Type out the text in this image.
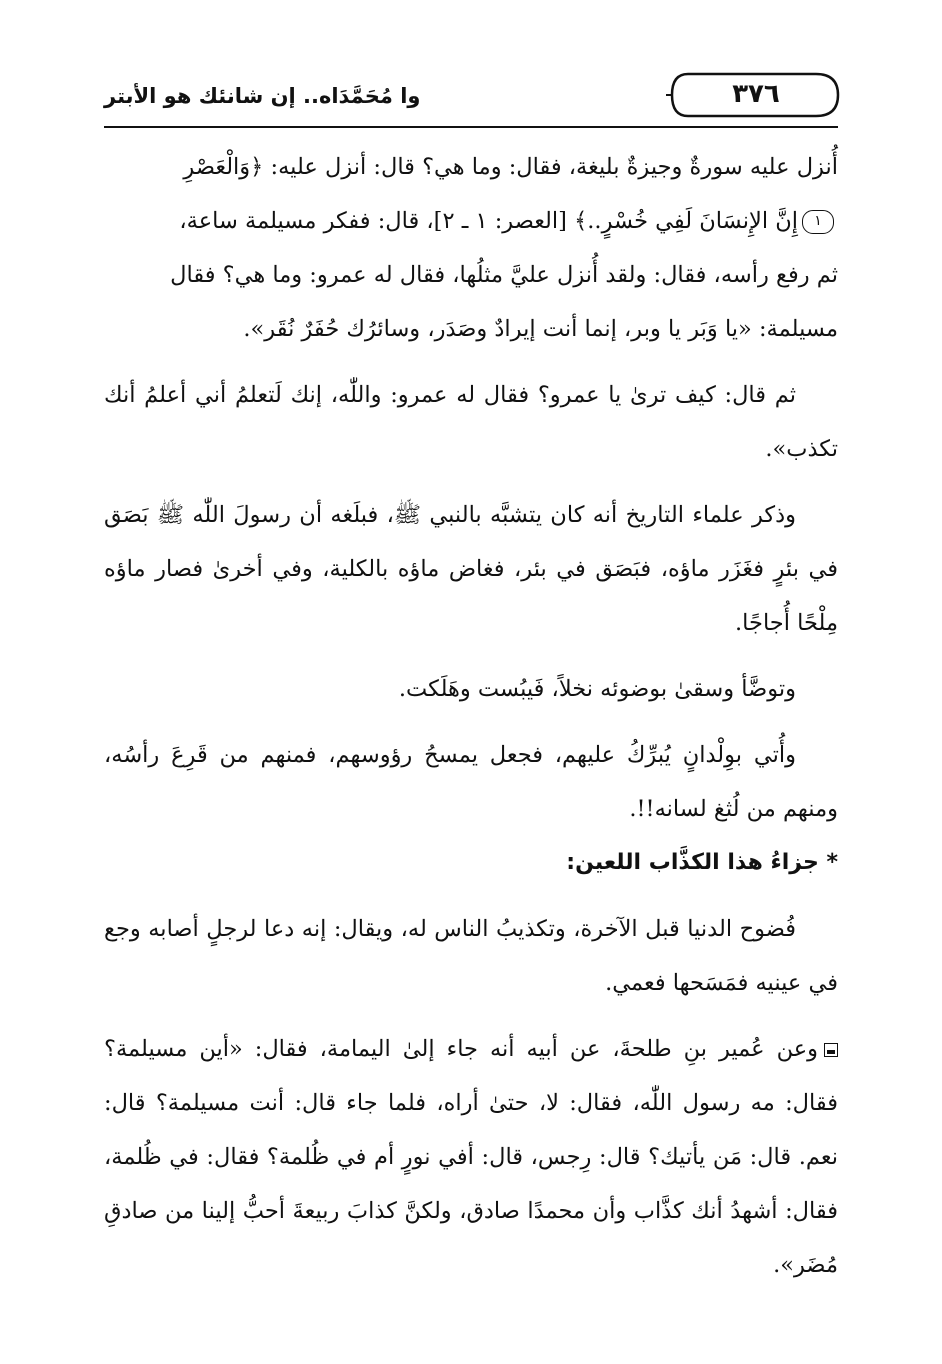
٣٧٦
وا مُحَمَّدَاه.. إن شانئك هو الأبتر

أُنزل عليه سورةٌ وجيزةٌ بليغة، فقال: وما هي؟ قال: أنزل عليه: ﴿وَالْعَصْرِ
١إِنَّ الإِنسَانَ لَفِي خُسْرٍ..﴾ [العصر: ١ ـ ٢]، قال: ففكر مسيلمة ساعة،
ثم رفع رأسه، فقال: ولقد أُنزل عليَّ مثلُها، فقال له عمرو: وما هي؟ فقال
مسيلمة: «يا وَبَر يا وبر، إنما أنت إيرادٌ وصَدَر، وسائرُك حُفَرٌ نُقَر».

ثم قال: كيف ترىٰ يا عمرو؟ فقال له عمرو: واللّٰه، إنك لَتعلمُ أني أعلمُ أنك تكذب».

وذكر علماء التاريخ أنه كان يتشبَّه بالنبي ﷺ، فبلَغه أن رسولَ اللّٰه ﷺ بَصَق في بئرٍ فغَزَر ماؤه، فبَصَق في بئر، فغاض ماؤه بالكلية، وفي أخرىٰ فصار ماؤه مِلْحًا أُجاجًا.

وتوضَّأ وسقىٰ بوضوئه نخلاً، فَيبُست وهَلَكت.

وأُتي بوِلْدانٍ يُبرِّكُ عليهم، فجعل يمسحُ رؤوسهم، فمنهم من قَرِعَ رأسُه، ومنهم من لُثغ لسانه!!.

* جزاءُ هذا الكذَّاب اللعين:

فُضوح الدنيا قبل الآخرة، وتكذيبُ الناس له، ويقال: إنه دعا لرجلٍ أصابه وجع في عينيه فمَسَحها فعمي.

وعن عُمير بنِ طلحةَ، عن أبيه أنه جاء إلىٰ اليمامة، فقال: «أين مسيلمة؟ فقال: مه رسول اللّٰه، فقال: لا، حتىٰ أراه، فلما جاء قال: أنت مسيلمة؟ قال: نعم. قال: مَن يأتيك؟ قال: رِجس، قال: أفي نورٍ أم في ظُلمة؟ فقال: في ظُلمة، فقال: أشهدُ أنك كذَّاب وأن محمدًا صادق، ولكنَّ كذابَ ربيعةَ أحبُّ إلينا من صادقِ مُضَر».
